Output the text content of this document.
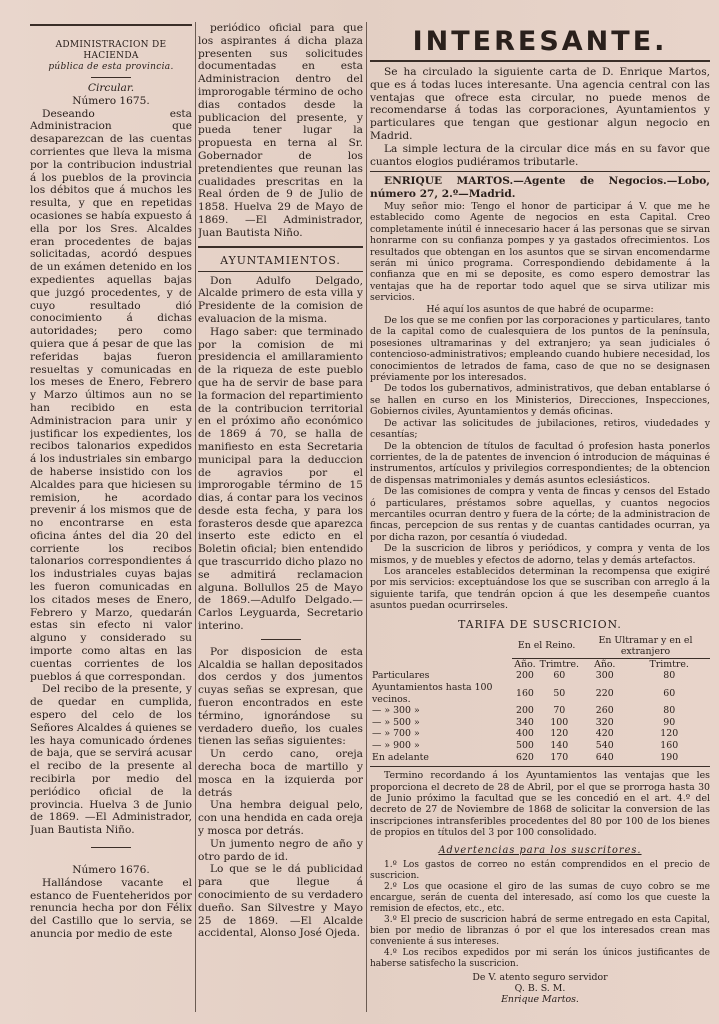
ADMINISTRACION DE HACIENDA
pública de esta provincia.

Circular.

Número 1675.

Deseando esta Administracion que desaparezcan de las cuentas corrientes que lleva la misma por la contribucion industrial á los pueblos de la provincia los débitos que á muchos les resulta, y que en repetidas ocasiones se había expuesto á ella por los Sres. Alcaldes eran procedentes de bajas solicitadas, acordó despues de un exámen detenido en los expedientes aquellas bajas que juzgó procedentes, y de cuyo resultado dió conocimiento á dichas autoridades; pero como quiera que á pesar de que las referidas bajas fueron resueltas y comunicadas en los meses de Enero, Febrero y Marzo últimos aun no se han recibido en esta Administracion para unir y justificar los expedientes, los recibos talonarios expedidos á los industriales sin embargo de haberse insistido con los Alcaldes para que hiciesen su remision, he acordado prevenir á los mismos que de no encontrarse en esta oficina ántes del dia 20 del corriente los recibos talonarios correspondientes á los industriales cuyas bajas les fueron comunicadas en los citados meses de Enero, Febrero y Marzo, quedarán estas sin efecto ni valor alguno y considerado su importe como altas en las cuentas corrientes de los pueblos á que correspondan.

Del recibo de la presente, y de quedar en cumplida, espero del celo de los Señores Alcaldes á quienes se les haya comunicado órdenes de baja, que se servirá acusar el recibo de la presente al recibirla por medio del periódico oficial de la provincia. Huelva 3 de Junio de 1869. —El Administrador, Juan Bautista Niño.

Número 1676.

Hallándose vacante el estanco de Fuenteheridos por renuncia hecha por don Félix del Castillo que lo servia, se anuncia por medio de este

periódico oficial para que los aspirantes á dicha plaza presenten sus solicitudes documentadas en esta Administracion dentro del improrogable término de ocho dias contados desde la publicacion del presente, y pueda tener lugar la propuesta en terna al Sr. Gobernador de los pretendientes que reunan las cualidades prescritas en la Real órden de 9 de Julio de 1858. Huelva 29 de Mayo de 1869. —El Administrador, Juan Bautista Niño.

AYUNTAMIENTOS.

Don Adulfo Delgado, Alcalde primero de esta villa y Presidente de la comision de evaluacion de la misma.

Hago saber: que terminado por la comision de mi presidencia el amillaramiento de la riqueza de este pueblo que ha de servir de base para la formacion del repartimiento de la contribucion territorial en el próximo año económico de 1869 á 70, se halla de manifiesto en esta Secretaria municipal para la deduccion de agravios por el improrogable término de 15 dias, á contar para los vecinos desde esta fecha, y para los forasteros desde que aparezca inserto este edicto en el Boletin oficial; bien entendido que trascurrido dicho plazo no se admitirá reclamacion alguna. Bollullos 25 de Mayo de 1869.—Adulfo Delgado.—Carlos Leyguarda, Secretario interino.

Por disposicion de esta Alcaldia se hallan depositados dos cerdos y dos jumentos cuyas señas se expresan, que fueron encontrados en este término, ignorándose su verdadero dueño, los cuales tienen las señas siguientes:

Un cerdo cano, oreja derecha boca de martillo y mosca en la izquierda por detrás

Una hembra deigual pelo, con una hendida en cada oreja y mosca por detrás.

Un jumento negro de año y otro pardo de id.

Lo que se le dá publicidad para que llegue á conocimiento de su verdadero dueño. San Silvestre y Mayo 25 de 1869. —El Alcalde accidental, Alonso José Ojeda.

INTERESANTE.

Se ha circulado la siguiente carta de D. Enrique Martos, que es á todas luces interesante. Una agencia central con las ventajas que ofrece esta circular, no puede menos de recomendarse á todas las corporaciones, Ayuntamientos y particulares que tengan que gestionar algun negocio en Madrid.

La simple lectura de la circular dice más en su favor que cuantos elogios pudiéramos tributarle.

ENRIQUE MARTOS.—Agente de Negocios.—Lobo, número 27, 2.º—Madrid.

Muy señor mio: Tengo el honor de participar á V. que me he establecido como Agente de negocios en esta Capital. Creo completamente inútil é innecesario hacer á las personas que se sirvan honrarme con su confianza pompes y ya gastados ofrecimientos. Los resultados que obtengan en los asuntos que se sirvan encomendarme serán mi único programa. Correspondiendo debidamente á la confianza que en mi se deposite, es como espero demostrar las ventajas que ha de reportar todo aquel que se sirva utilizar mis servicios.

Hé aquí los asuntos de que habré de ocuparme:

De los que se me confien por las corporaciones y particulares, tanto de la capital como de cualesquiera de los puntos de la península, posesiones ultramarinas y del extranjero; ya sean judiciales ó contencioso-administrativos; empleando cuando hubiere necesidad, los conocimientos de letrados de fama, caso de que no se designasen préviamente por los interesados.

De todos los gubernativos, administrativos, que deban entablarse ó se hallen en curso en los Ministerios, Direcciones, Inspecciones, Gobiernos civiles, Ayuntamientos y demás oficinas.

De activar las solicitudes de jubilaciones, retiros, viudedades y cesantías;

De la obtencion de títulos de facultad ó profesion hasta ponerlos corrientes, de la de patentes de invencion ó introducion de máquinas é instrumentos, artículos y privilegios correspondientes; de la obtencion de dispensas matrimoniales y demás asuntos eclesiásticos.

De las comisiones de compra y venta de fincas y censos del Estado ó particulares, préstamos sobre aquellas, y cuantos negocios mercantiles ocurran dentro y fuera de la córte; de la administracion de fincas, percepcion de sus rentas y de cuantas cantidades ocurran, ya por dicha razon, por cesantía ó viudedad.

De la suscricion de libros y periódicos, y compra y venta de los mismos, y de muebles y efectos de adorno, telas y demás artefactos.

Los aranceles establecidos determinan la recompensa que exigiré por mis servicios: exceptuándose los que se suscriban con arreglo á la siguiente tarifa, que tendrán opcion á que les desempeñe cuantos asuntos puedan ocurrirseles.

TARIFA DE SUSCRICION.
	En el Reino.		En Ultramar y en el extranjero	
	Año.	Trimtre.	Año.	Trimtre.
Particulares	200	60	300	80
Ayuntamientos hasta 100 vecinos.	160	50	220	60
— » 300 »	200	70	260	80
— » 500 »	340	100	320	90
— » 700 »	400	120	420	120
— » 900 »	500	140	540	160
En adelante	620	170	640	190

Termino recordando á los Ayuntamientos las ventajas que les proporciona el decreto de 28 de Abril, por el que se prorroga hasta 30 de Junio próximo la facultad que se les concedió en el art. 4.º del decreto de 27 de Noviembre de 1868 de solicitar la conversion de las inscripciones intransferibles procedentes del 80 por 100 de los bienes de propios en títulos del 3 por 100 consolidado.

Advertencias para los suscritores.

1.º Los gastos de correo no están comprendidos en el precio de suscricion.

2.º Los que ocasione el giro de las sumas de cuyo cobro se me encargue, serán de cuenta del interesado, así como los que cueste la remision de efectos, etc., etc.

3.º El precio de suscricion habrá de serme entregado en esta Capital, bien por medio de libranzas ó por el que los interesados crean mas conveniente á sus intereses.

4.º Los recibos expedidos por mi serán los únicos justificantes de haberse satisfecho la suscricion.

De V. atento seguro servidor

Q. B. S. M.

Enrique Martos.
